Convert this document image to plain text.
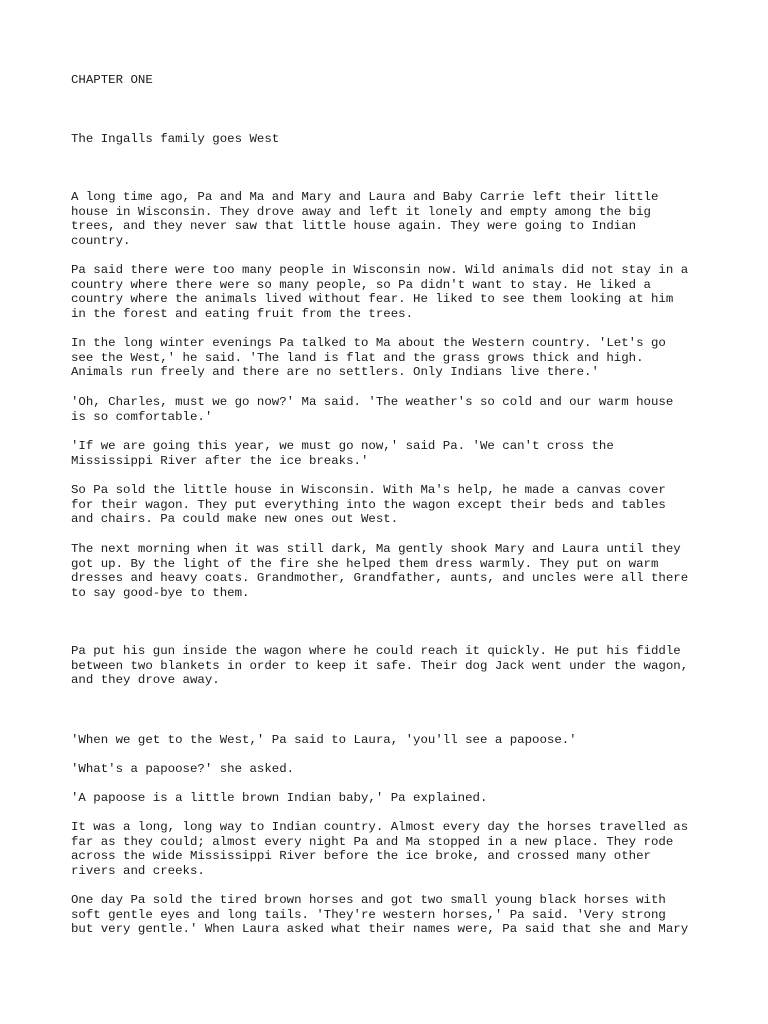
CHAPTER ONE
The Ingalls family goes West
A long time ago, Pa and Ma and Mary and Laura and Baby Carrie left their little
house in Wisconsin. They drove away and left it lonely and empty among the big
trees, and they never saw that little house again. They were going to Indian
country.
Pa said there were too many people in Wisconsin now. Wild animals did not stay in a
country where there were so many people, so Pa didn't want to stay. He liked a
country where the animals lived without fear. He liked to see them looking at him
in the forest and eating fruit from the trees.
In the long winter evenings Pa talked to Ma about the Western country. 'Let's go
see the West,' he said. 'The land is flat and the grass grows thick and high.
Animals run freely and there are no settlers. Only Indians live there.'
'Oh, Charles, must we go now?' Ma said. 'The weather's so cold and our warm house
is so comfortable.'
'If we are going this year, we must go now,' said Pa. 'We can't cross the
Mississippi River after the ice breaks.'
So Pa sold the little house in Wisconsin. With Ma's help, he made a canvas cover
for their wagon. They put everything into the wagon except their beds and tables
and chairs. Pa could make new ones out West.
The next morning when it was still dark, Ma gently shook Mary and Laura until they
got up. By the light of the fire she helped them dress warmly. They put on warm
dresses and heavy coats. Grandmother, Grandfather, aunts, and uncles were all there
to say good-bye to them.
Pa put his gun inside the wagon where he could reach it quickly. He put his fiddle
between two blankets in order to keep it safe. Their dog Jack went under the wagon,
and they drove away.
'When we get to the West,' Pa said to Laura, 'you'll see a papoose.'
'What's a papoose?' she asked.
'A papoose is a little brown Indian baby,' Pa explained.
It was a long, long way to Indian country. Almost every day the horses travelled as
far as they could; almost every night Pa and Ma stopped in a new place. They rode
across the wide Mississippi River before the ice broke, and crossed many other
rivers and creeks.
One day Pa sold the tired brown horses and got two small young black horses with
soft gentle eyes and long tails. 'They're western horses,' Pa said. 'Very strong
but very gentle.' When Laura asked what their names were, Pa said that she and Mary
